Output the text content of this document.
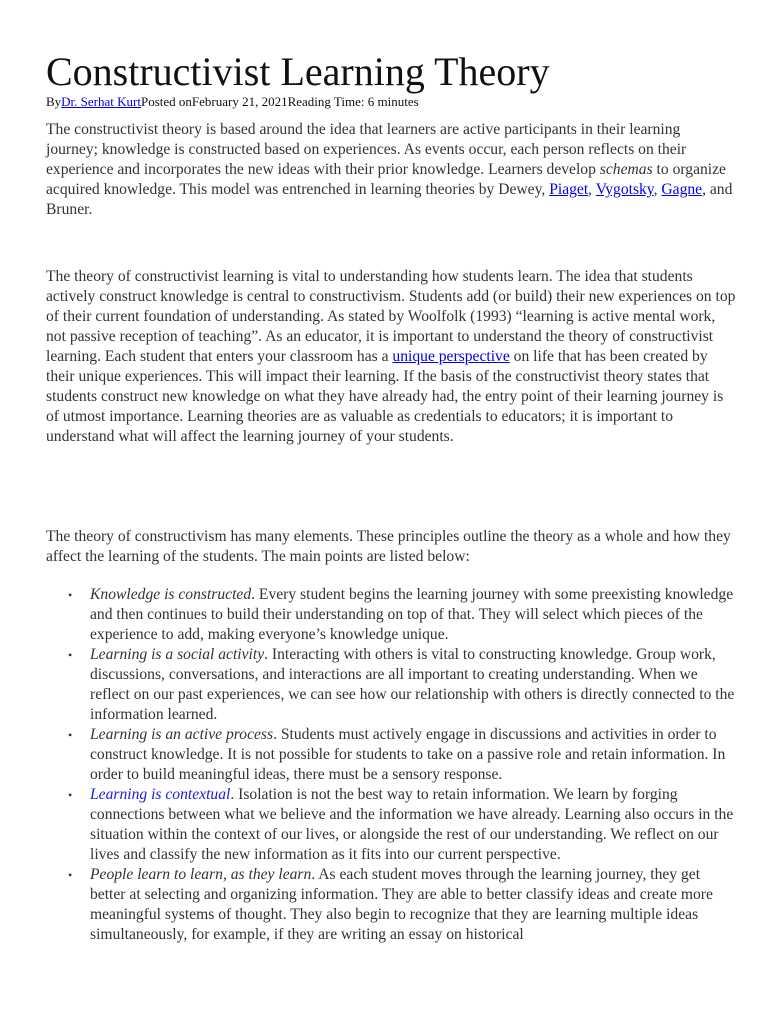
Constructivist Learning Theory
ByDr. Serhat KurtPosted onFebruary 21, 2021Reading Time: 6 minutes
The constructivist theory is based around the idea that learners are active participants in their learning journey; knowledge is constructed based on experiences. As events occur, each person reflects on their experience and incorporates the new ideas with their prior knowledge. Learners develop schemas to organize acquired knowledge. This model was entrenched in learning theories by Dewey, Piaget, Vygotsky, Gagne, and Bruner.
The theory of constructivist learning is vital to understanding how students learn. The idea that students actively construct knowledge is central to constructivism. Students add (or build) their new experiences on top of their current foundation of understanding. As stated by Woolfolk (1993) “learning is active mental work, not passive reception of teaching”. As an educator, it is important to understand the theory of constructivist learning. Each student that enters your classroom has a unique perspective on life that has been created by their unique experiences. This will impact their learning. If the basis of the constructivist theory states that students construct new knowledge on what they have already had, the entry point of their learning journey is of utmost importance. Learning theories are as valuable as credentials to educators; it is important to understand what will affect the learning journey of your students.
The theory of constructivism has many elements. These principles outline the theory as a whole and how they affect the learning of the students. The main points are listed below:
• Knowledge is constructed. Every student begins the learning journey with some preexisting knowledge and then continues to build their understanding on top of that. They will select which pieces of the experience to add, making everyone’s knowledge unique.
• Learning is a social activity. Interacting with others is vital to constructing knowledge. Group work, discussions, conversations, and interactions are all important to creating understanding. When we reflect on our past experiences, we can see how our relationship with others is directly connected to the information learned.
• Learning is an active process. Students must actively engage in discussions and activities in order to construct knowledge. It is not possible for students to take on a passive role and retain information. In order to build meaningful ideas, there must be a sensory response.
• Learning is contextual. Isolation is not the best way to retain information. We learn by forging connections between what we believe and the information we have already. Learning also occurs in the situation within the context of our lives, or alongside the rest of our understanding. We reflect on our lives and classify the new information as it fits into our current perspective.
• People learn to learn, as they learn. As each student moves through the learning journey, they get better at selecting and organizing information. They are able to better classify ideas and create more meaningful systems of thought. They also begin to recognize that they are learning multiple ideas simultaneously, for example, if they are writing an essay on historical
